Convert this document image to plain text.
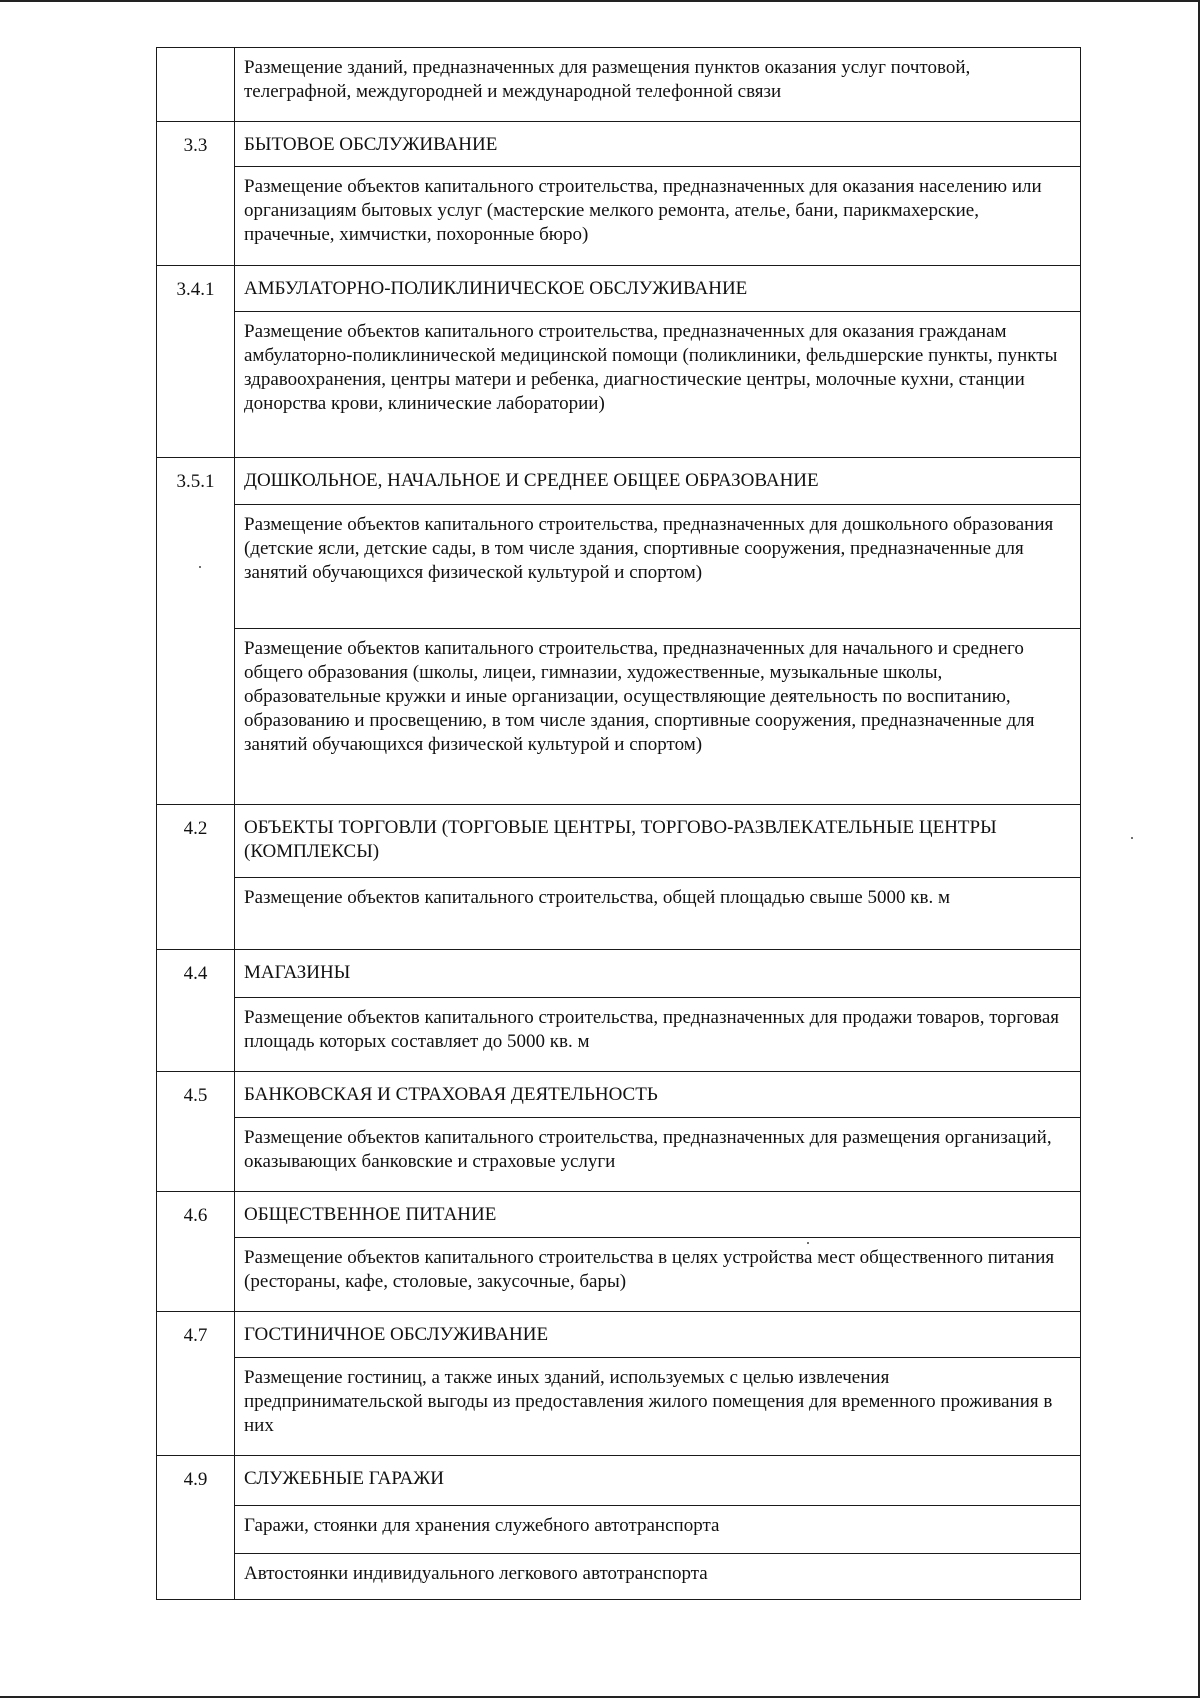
	Размещение зданий, предназначенных для размещения пунктов оказания услуг почтовой, телеграфной, междугородней и международной телефонной связи
3.3	БЫТОВОЕ ОБСЛУЖИВАНИЕ
	Размещение объектов капитального строительства, предназначенных для оказания населению или организациям бытовых услуг (мастерские мелкого ремонта, ателье, бани, парикмахерские, прачечные, химчистки, похоронные бюро)
3.4.1	АМБУЛАТОРНО-ПОЛИКЛИНИЧЕСКОЕ ОБСЛУЖИВАНИЕ
	Размещение объектов капитального строительства, предназначенных для оказания гражданам амбулаторно-поликлинической медицинской помощи (поликлиники, фельдшерские пункты, пункты здравоохранения, центры матери и ребенка, диагностические центры, молочные кухни, станции донорства крови, клинические лаборатории)
3.5.1	ДОШКОЛЬНОЕ, НАЧАЛЬНОЕ И СРЕДНЕЕ ОБЩЕЕ ОБРАЗОВАНИЕ
	Размещение объектов капитального строительства, предназначенных для дошкольного образования (детские ясли, детские сады, в том числе здания, спортивные сооружения, предназначенные для занятий обучающихся физической культурой и спортом)
	Размещение объектов капитального строительства, предназначенных для начального и среднего общего образования (школы, лицеи, гимназии, художественные, музыкальные школы, образовательные кружки и иные организации, осуществляющие деятельность по воспитанию, образованию и просвещению, в том числе здания, спортивные сооружения, предназначенные для занятий обучающихся физической культурой и спортом)
4.2	ОБЪЕКТЫ ТОРГОВЛИ (ТОРГОВЫЕ ЦЕНТРЫ, ТОРГОВО-РАЗВЛЕКАТЕЛЬНЫЕ ЦЕНТРЫ (КОМПЛЕКСЫ)
	Размещение объектов капитального строительства, общей площадью свыше 5000 кв. м
4.4	МАГАЗИНЫ
	Размещение объектов капитального строительства, предназначенных для продажи товаров, торговая площадь которых составляет до 5000 кв. м
4.5	БАНКОВСКАЯ И СТРАХОВАЯ ДЕЯТЕЛЬНОСТЬ
	Размещение объектов капитального строительства, предназначенных для размещения организаций, оказывающих банковские и страховые услуги
4.6	ОБЩЕСТВЕННОЕ ПИТАНИЕ
	Размещение объектов капитального строительства в целях устройства мест общественного питания (рестораны, кафе, столовые, закусочные, бары)
4.7	ГОСТИНИЧНОЕ ОБСЛУЖИВАНИЕ
	Размещение гостиниц, а также иных зданий, используемых с целью извлечения предпринимательской выгоды из предоставления жилого помещения для временного проживания в них
4.9	СЛУЖЕБНЫЕ ГАРАЖИ
	Гаражи, стоянки для хранения служебного автотранспорта
	Автостоянки индивидуального легкового автотранспорта
